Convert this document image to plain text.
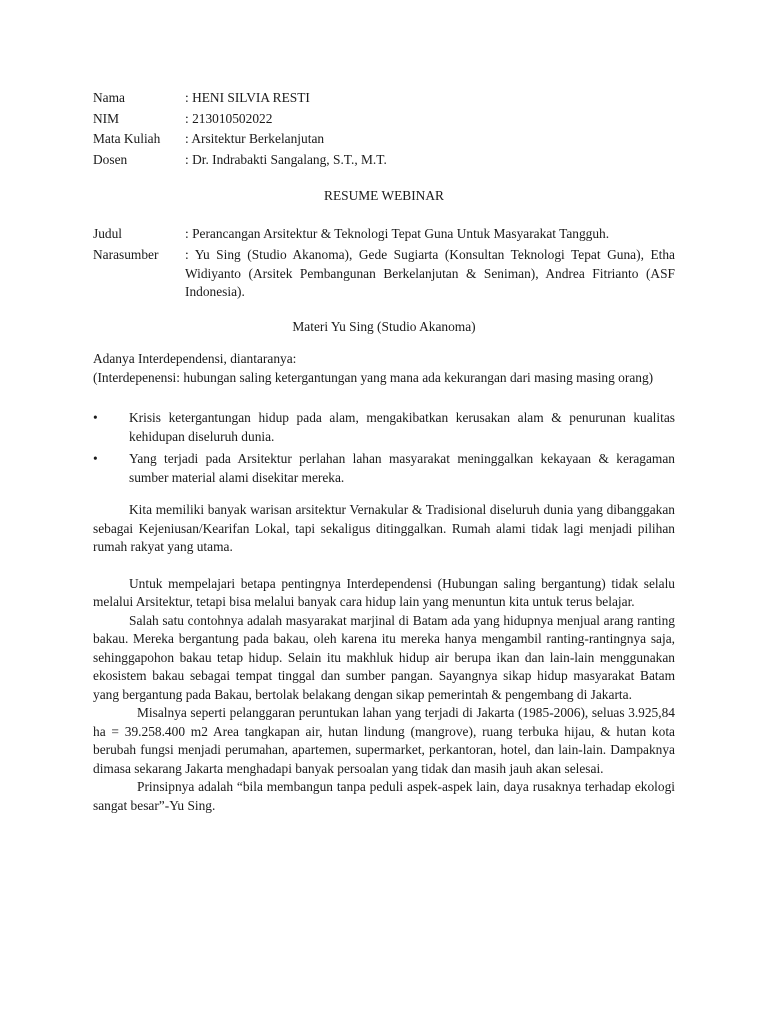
Nama	: HENI SILVIA RESTI
NIM	: 213010502022
Mata Kuliah	: Arsitektur Berkelanjutan
Dosen	: Dr. Indrabakti Sangalang, S.T., M.T.

RESUME WEBINAR

Judul	: Perancangan Arsitektur & Teknologi Tepat Guna Untuk Masyarakat Tangguh.
Narasumber	: Yu Sing (Studio Akanoma), Gede Sugiarta (Konsultan Teknologi Tepat Guna), Etha Widiyanto (Arsitek Pembangunan Berkelanjutan & Seniman), Andrea Fitrianto (ASF Indonesia).

Materi Yu Sing (Studio Akanoma)

Adanya Interdependensi, diantaranya:

(Interdepenensi: hubungan saling ketergantungan yang mana ada kekurangan dari masing masing orang)

•	Krisis ketergantungan hidup pada alam, mengakibatkan kerusakan alam & penurunan kualitas kehidupan diseluruh dunia.
•	Yang terjadi pada Arsitektur perlahan lahan masyarakat meninggalkan kekayaan & keragaman sumber material alami disekitar mereka.

Kita memiliki banyak warisan arsitektur Vernakular & Tradisional diseluruh dunia yang dibanggakan sebagai Kejeniusan/Kearifan Lokal, tapi sekaligus ditinggalkan. Rumah alami tidak lagi menjadi pilihan rumah rakyat yang utama.

Untuk mempelajari betapa pentingnya Interdependensi (Hubungan saling bergantung) tidak selalu melalui Arsitektur, tetapi bisa melalui banyak cara hidup lain yang menuntun kita untuk terus belajar.

Salah satu contohnya adalah masyarakat marjinal di Batam ada yang hidupnya menjual arang ranting bakau. Mereka bergantung pada bakau, oleh karena itu mereka hanya mengambil ranting-rantingnya saja, sehinggapohon bakau tetap hidup. Selain itu makhluk hidup air berupa ikan dan lain-lain menggunakan ekosistem bakau sebagai tempat tinggal dan sumber pangan. Sayangnya sikap hidup masyarakat Batam yang bergantung pada Bakau, bertolak belakang dengan sikap pemerintah & pengembang di Jakarta.

Misalnya seperti pelanggaran peruntukan lahan yang terjadi di Jakarta (1985-2006), seluas 3.925,84 ha = 39.258.400 m2 Area tangkapan air, hutan lindung (mangrove), ruang terbuka hijau, & hutan kota berubah fungsi menjadi perumahan, apartemen, supermarket, perkantoran, hotel, dan lain-lain. Dampaknya dimasa sekarang Jakarta menghadapi banyak persoalan yang tidak dan masih jauh akan selesai.

Prinsipnya adalah “bila membangun tanpa peduli aspek-aspek lain, daya rusaknya terhadap ekologi sangat besar”-Yu Sing.
